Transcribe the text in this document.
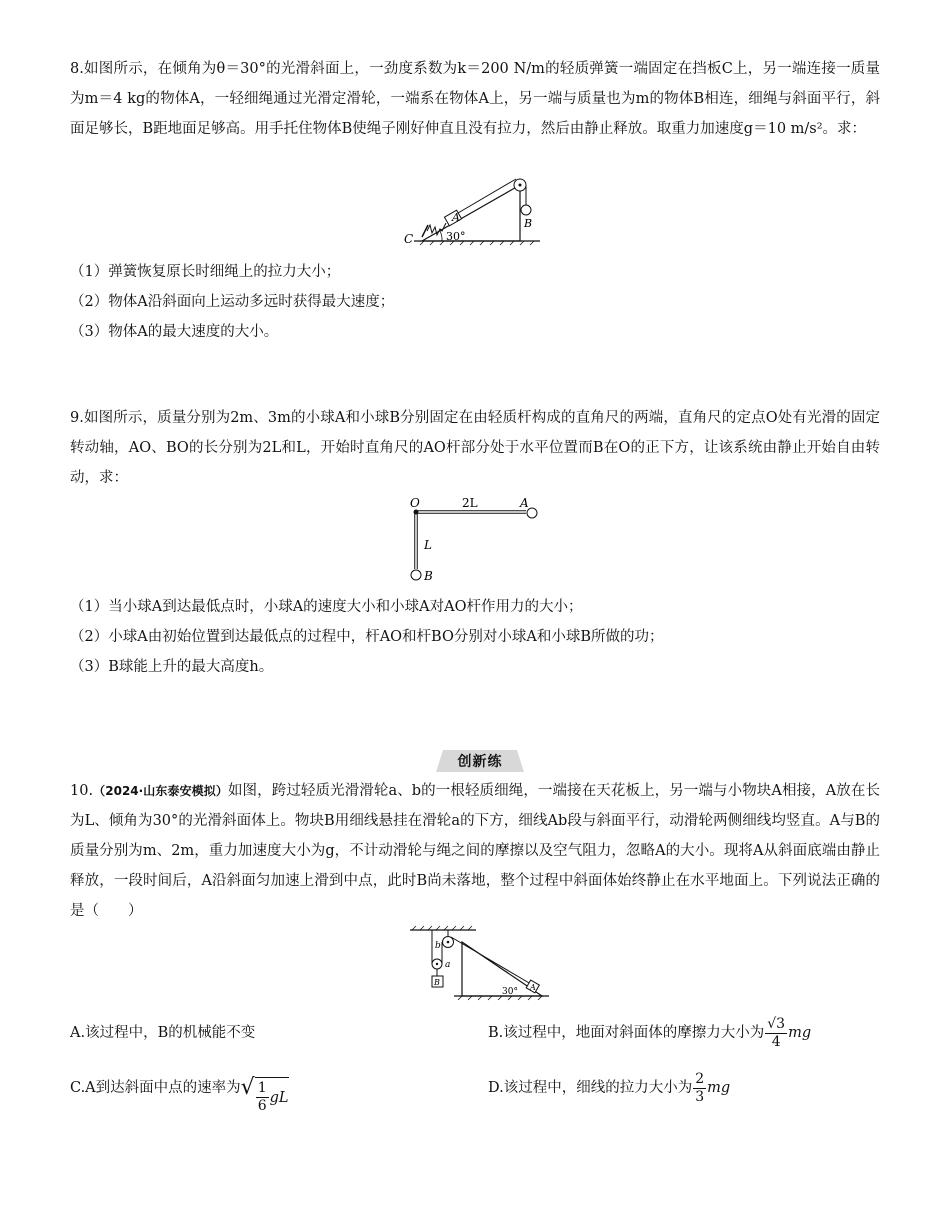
8.如图所示，在倾角为θ＝30°的光滑斜面上，一劲度系数为k＝200 N/m的轻质弹簧一端固定在挡板C上，另一端连接一质量为m＝4 kg的物体A，一轻细绳通过光滑定滑轮，一端系在物体A上，另一端与质量也为m的物体B相连，细绳与斜面平行，斜面足够长，B距地面足够高。用手托住物体B使绳子刚好伸直且没有拉力，然后由静止释放。取重力加速度g＝10 m/s²。求：
C
A
30°
B
（1）弹簧恢复原长时细绳上的拉力大小；
（2）物体A沿斜面向上运动多远时获得最大速度；
（3）物体A的最大速度的大小。
9.如图所示，质量分别为2m、3m的小球A和小球B分别固定在由轻质杆构成的直角尺的两端，直角尺的定点O处有光滑的固定转动轴，AO、BO的长分别为2L和L，开始时直角尺的AO杆部分处于水平位置而B在O的正下方，让该系统由静止开始自由转动，求：
O	2L	A
L
B
（1）当小球A到达最低点时，小球A的速度大小和小球A对AO杆作用力的大小；
（2）小球A由初始位置到达最低点的过程中，杆AO和杆BO分别对小球A和小球B所做的功；
（3）B球能上升的最大高度h。
创新练
10.（2024·山东泰安模拟）如图，跨过轻质光滑滑轮a、b的一根轻质细绳，一端接在天花板上，另一端与小物块A相接，A放在长为L、倾角为30°的光滑斜面体上。物块B用细线悬挂在滑轮a的下方，细线Ab段与斜面平行，动滑轮两侧细线均竖直。A与B的质量分别为m、2m，重力加速度大小为g，不计动滑轮与绳之间的摩擦以及空气阻力，忽略A的大小。现将A从斜面底端由静止释放，一段时间后，A沿斜面匀加速上滑到中点，此时B尚未落地，整个过程中斜面体始终静止在水平地面上。下列说法正确的是（　　）
b
a
B
A
30°
A.该过程中，B的机械能不变	B.该过程中，地面对斜面体的摩擦力大小为 $\frac{√3}{4}$ mg
C.A到达斜面中点的速率为√ $\frac{1}{6}$ gL
D.该过程中，细线的拉力大小为 $\frac{2}{3}$ mg
